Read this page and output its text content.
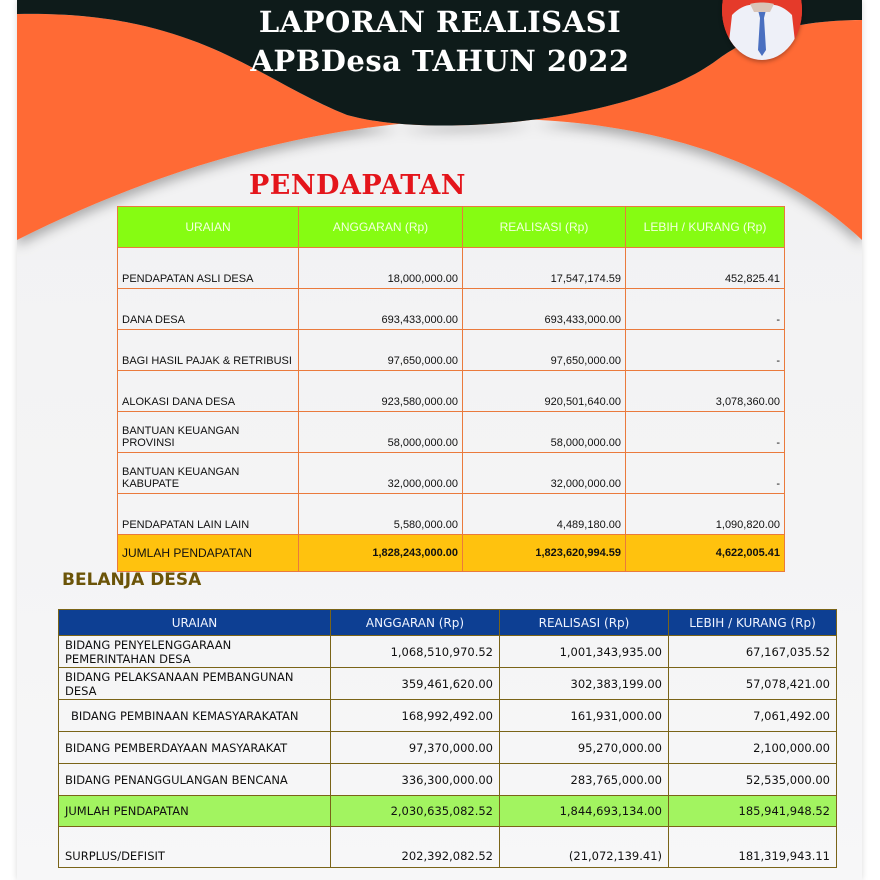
LAPORAN REALISASI
APBDesa TAHUN 2022
PENDAPATAN
URAIAN	ANGGARAN (Rp)	REALISASI (Rp)	LEBIH / KURANG (Rp)
PENDAPATAN ASLI DESA	18,000,000.00	17,547,174.59	452,825.41
DANA DESA	693,433,000.00	693,433,000.00	-
BAGI HASIL PAJAK & RETRIBUSI	97,650,000.00	97,650,000.00	-
ALOKASI DANA DESA	923,580,000.00	920,501,640.00	3,078,360.00
BANTUAN KEUANGAN PROVINSI	58,000,000.00	58,000,000.00	-
BANTUAN KEUANGAN KABUPATE	32,000,000.00	32,000,000.00	-
PENDAPATAN LAIN LAIN	5,580,000.00	4,489,180.00	1,090,820.00
JUMLAH PENDAPATAN	1,828,243,000.00	1,823,620,994.59	4,622,005.41
BELANJA DESA
URAIAN	ANGGARAN (Rp)	REALISASI (Rp)	LEBIH / KURANG (Rp)
BIDANG PENYELENGGARAAN PEMERINTAHAN DESA	1,068,510,970.52	1,001,343,935.00	67,167,035.52
BIDANG PELAKSANAAN PEMBANGUNAN DESA	359,461,620.00	302,383,199.00	57,078,421.00
BIDANG PEMBINAAN KEMASYARAKATAN	168,992,492.00	161,931,000.00	7,061,492.00
BIDANG PEMBERDAYAAN MASYARAKAT	97,370,000.00	95,270,000.00	2,100,000.00
BIDANG PENANGGULANGAN BENCANA	336,300,000.00	283,765,000.00	52,535,000.00
JUMLAH PENDAPATAN	2,030,635,082.52	1,844,693,134.00	185,941,948.52
SURPLUS/DEFISIT	202,392,082.52	(21,072,139.41)	181,319,943.11
